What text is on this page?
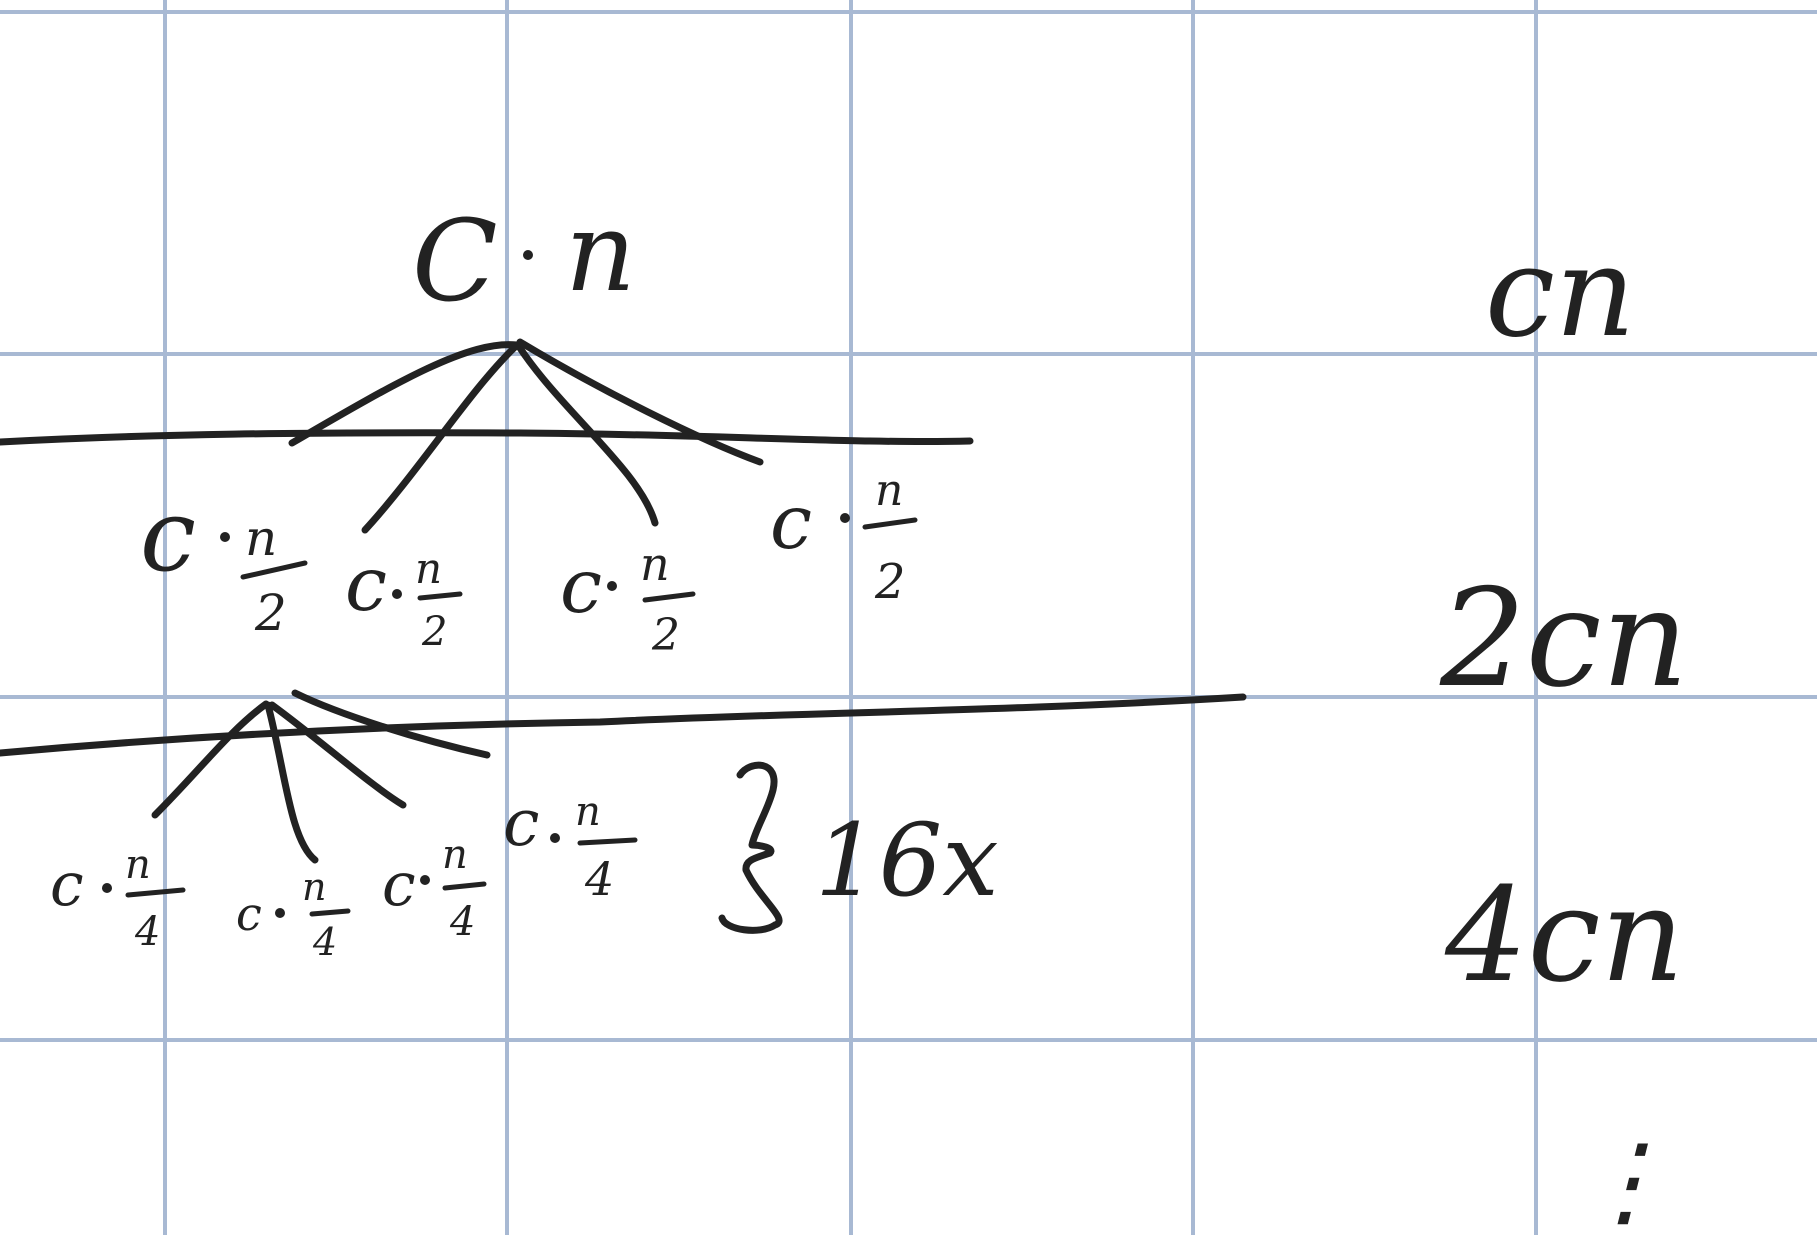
C n
c n
2 c n
2
c n
2
c n
2
c n
4 c n
4
c n
4
c n
4 16x
cn
2cn
4cn
⋮
